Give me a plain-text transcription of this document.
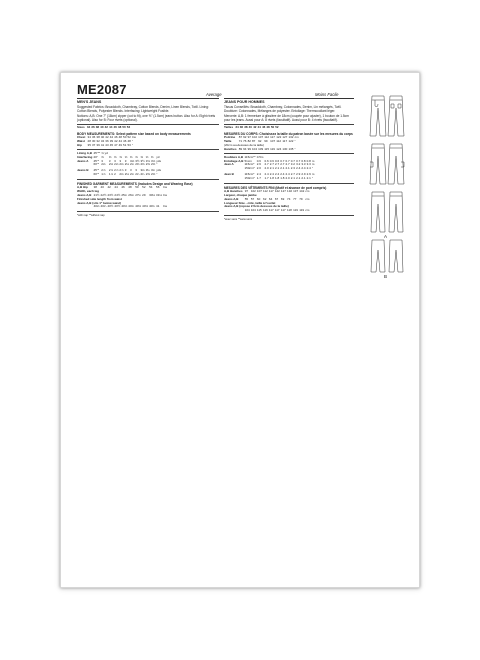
ME2087	Average	Moins Facile

MEN'S JEANS

Suggested Fabrics: Broadcloth, Chambray, Cotton Blends, Denim, Linen Blends, Twill. Lining: Cotton Blends, Polyester Blends. Interfacing: Lightweight Fusible.

Notions: A,B: One 7" (18cm) zipper (cut to fit), one ⅝" (1.5cm) jeans button. Also for A: Eight rivets (optional). Also for B: Four rivets (optional).

Sizes		34	36	38	40	42	44	46	48	50	52
BODY MEASUREMENTS: Select pattern size based on body measurements
Chest		34	36	38	40	42	44	46	48	50	52	Ins
Waist		28	30	32	34	36	39	42	44	46	48	"
Hip		35	37	39	41	43	45	47	49	51	53	"
Lining A,B	45"**	⅝ yd										
Interfacing	20"	⅜	⅜	⅜	⅜	⅜	⅜	⅜	⅜	⅜	⅜	yd
Jeans A	45"*	3	3	3	3	3	3⅛	3½	3½	3⅝	3⅝	yds
	60"*	2⅛	2⅛	2⅛	2⅛	2⅛	2¼	2⅜	2⅜	2⅜	2⅜	"

Jeans B	45"*	2⅞	2⅞	2⅞	2⅞	3	3	3	3⅛	3¼	3¼	yds
	60"*	1⅞	1⅞	2	2⅛	2⅛	2¼	2¼	2¼	2⅜	2⅜	"
FINISHED GARMENT MEASUREMENTS (Includes Design and Wearing Ease)
A,B Hip		38	40	42	44	46	48	50	52	54	56	Ins
Width, each leg											
Jeans A,B		21½	22½	23½	24½	25¼	26¼	27¼	29	30⅛	31⅛	Ins
Finished side length from waist											
Jeans A,B (sits 1" below waist)											
		40⅛	40¼	40½	40½	40⅝	40¾	40⅝	40⅝	40¾	41	Ins
*with nap **without nap

JEANS POUR HOMMES

Tissus Conseillés: Broadcloth, Chambray, Cotonnades, Denim, Lin mélangés, Twill. Doublure: Cotonnades, Mélanges de polyester. Entoilage: Thermocollant léger.

Mercerie: A,B: 1 fermeture à glissière de 18cm (coupée pour ajuster), 1 bouton de 1.5cm pour les jeans. Aussi pour A: 8 rivets (facultatif). Aussi pour B: 4 rivets (facultatif).

Tailles		34	36	38	40	42	44	46	48	50	52
MESURES DU CORPS: Choisissez la taille du patron basée sur les mesures du corps
Poitrine		87	92	97	102	107	112	117	122	127	132	cm
Taille		71	76	82	87	92	99	107	112	117	122	"
(20cm au-dessous de la taille)											
Hanches		89	94	99	104	109	115	119	124	130	135	"
Doublure A,B	115cm**	0.5m										
Entoilage A,B	51cm	0.6	0.6	0.6	0.6	0.7	0.7	0.7	0.7	0.8	0.8	m
Jean A	115cm*	2.6	2.7	2.7	2.7	2.7	2.7	3.2	3.2	3.3	3.3	m
	150cm*	2.0	2.0	2.1	2.1	2.1	2.1	2.3	2.4	2.4	2.4	"

Jean B	115cm*	2.4	2.4	2.4	2.4	2.4	2.4	2.7	2.9	2.9	2.9	m
	150cm*	1.7	1.7	1.8	1.8	1.8	2.0	2.1	2.1	2.1	2.1	"
MESURES DES VÊTEMENTS FINI (Motif et aisance de port compris)
A,B Hanches		97	102	107	112	117	122	127	132	137	142	cm
Largeur, chaque jambe											
Jeans A,B		55	57	60	62	64	67	69	74	77	79	cm
Longueur finie - côté, taille à l'ourlet											
Jeans A,B (repose 2.5cm dessous de la taille)											
		104	104	115	116	117	117	117	118	119	119	cm
*avec sens **sans sens
A
B
